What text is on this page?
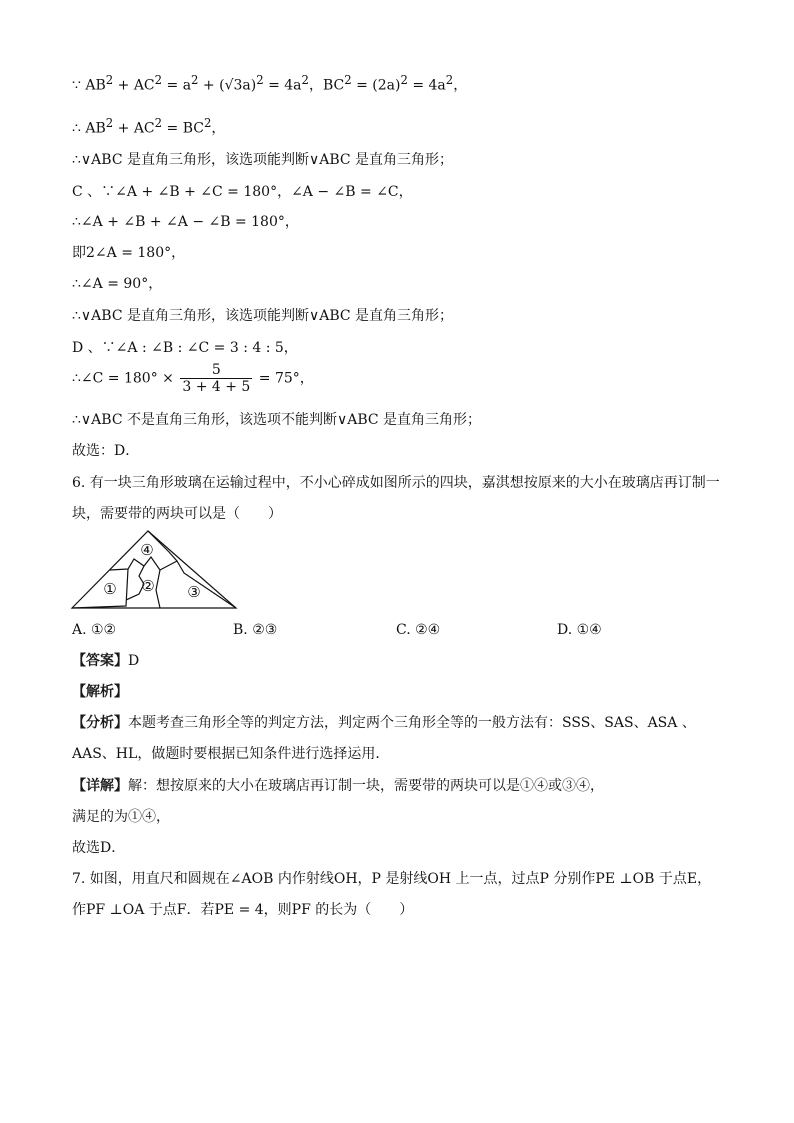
∵ $AB^2 + AC^2 = a^2 + (√3a)^2 = 4a^2$，$BC^2 = (2a)^2 = 4a^2$，
∴ $AB^2 + AC^2 = BC^2$，
∴∨ABC 是直角三角形，该选项能判断∨ABC 是直角三角形；
C 、∵∠A + ∠B + ∠C = 180°，∠A − ∠B = ∠C，
∴∠A + ∠B + ∠A − ∠B = 180°，
即2∠A = 180°，
∴∠A = 90°，
∴∨ABC 是直角三角形，该选项能判断∨ABC 是直角三角形；
D 、∵∠A : ∠B : ∠C = 3 : 4 : 5，
∴∠C = $180^\circ \times \frac{5}{3 + 4 + 5} = 75^\circ$，
∴∨ABC 不是直角三角形，该选项不能判断∨ABC 是直角三角形；
故选：D．
6. 有一块三角形玻璃在运输过程中，不小心碎成如图所示的四块，嘉淇想按原来的大小在玻璃店再订制一
块，需要带的两块可以是（　　）
④
① ② ③
A. ①②	B. ②③	C. ②④	D. ①④
【答案】D
【解析】
【分析】本题考查三角形全等的判定方法，判定两个三角形全等的一般方法有：SSS、SAS、ASA 、
AAS、HL，做题时要根据已知条件进行选择运用．
【详解】解：想按原来的大小在玻璃店再订制一块，需要带的两块可以是①④或③④，
满足的为①④，
故选D．
7. 如图，用直尺和圆规在∠AOB 内作射线OH，P 是射线OH 上一点，过点P 分别作PE ⊥OB 于点E，
作PF ⊥OA 于点F．若PE = 4，则PF 的长为（　　）
